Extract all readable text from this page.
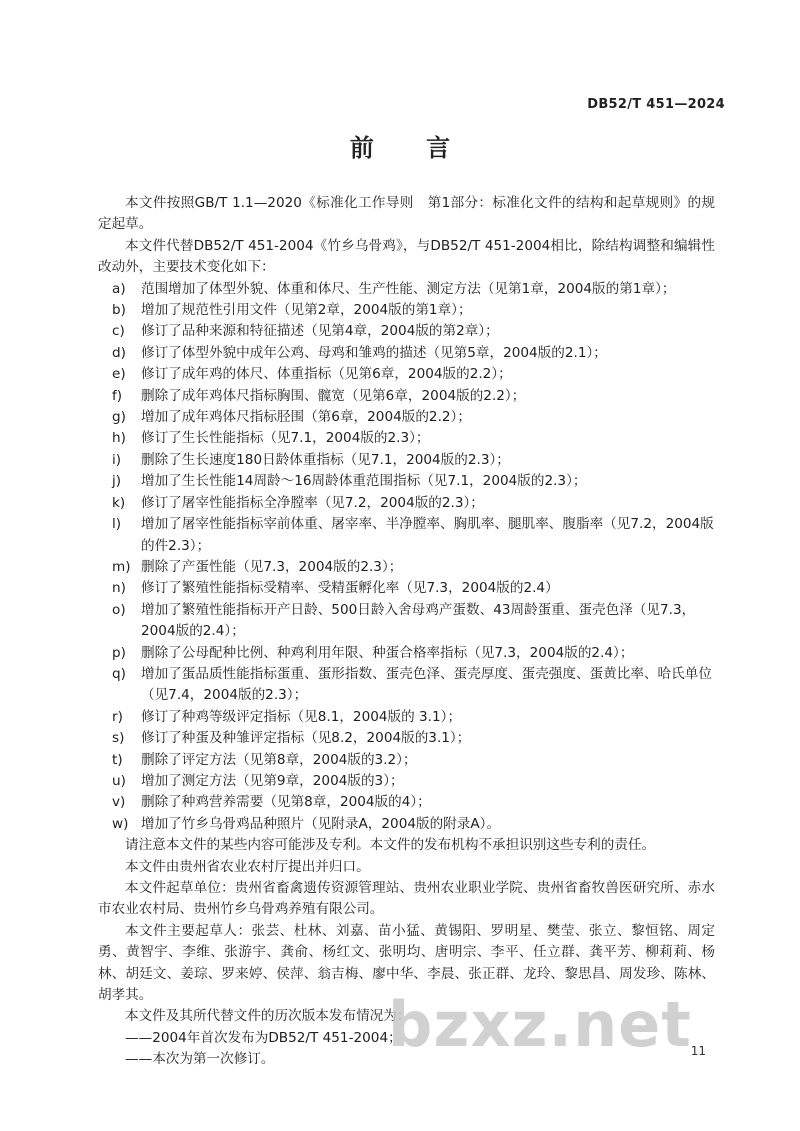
DB52/T 451—2024
前 言

本文件按照GB/T 1.1—2020《标准化工作导则　第1部分：标准化文件的结构和起草规则》的规定起草。

本文件代替DB52/T 451-2004《竹乡乌骨鸡》，与DB52/T 451-2004相比，除结构调整和编辑性改动外，主要技术变化如下：

a)	范围增加了体型外貌、体重和体尺、生产性能、测定方法（见第1章，2004版的第1章）；
b)	增加了规范性引用文件（见第2章，2004版的第1章）；
c)	修订了品种来源和特征描述（见第4章，2004版的第2章）；
d)	修订了体型外貌中成年公鸡、母鸡和雏鸡的描述（见第5章，2004版的2.1）；
e)	修订了成年鸡的体尺、体重指标（见第6章，2004版的2.2）；
f)	删除了成年鸡体尺指标胸围、髋宽（见第6章，2004版的2.2）；
g)	增加了成年鸡体尺指标胫围（第6章，2004版的2.2）；
h)	修订了生长性能指标（见7.1，2004版的2.3）；
i)	删除了生长速度180日龄体重指标（见7.1，2004版的2.3）；
j)	增加了生长性能14周龄～16周龄体重范围指标（见7.1，2004版的2.3）；
k)	修订了屠宰性能指标全净膛率（见7.2，2004版的2.3）；
l)	增加了屠宰性能指标宰前体重、屠宰率、半净膛率、胸肌率、腿肌率、腹脂率（见7.2，2004版的件2.3）；
m) 删除了产蛋性能（见7.3，2004版的2.3）；
n)	修订了繁殖性能指标受精率、受精蛋孵化率（见7.3，2004版的2.4）
o)	增加了繁殖性能指标开产日龄、500日龄入舍母鸡产蛋数、43周龄蛋重、蛋壳色泽（见7.3，2004版的2.4）；
p)	删除了公母配种比例、种鸡利用年限、种蛋合格率指标（见7.3，2004版的2.4）；
q)	增加了蛋品质性能指标蛋重、蛋形指数、蛋壳色泽、蛋壳厚度、蛋壳强度、蛋黄比率、哈氏单位（见7.4，2004版的2.3）；
r)	修订了种鸡等级评定指标（见8.1，2004版的 3.1）；
s)	修订了种蛋及种雏评定指标（见8.2，2004版的3.1）；
t)	删除了评定方法（见第8章，2004版的3.2）；
u)	增加了测定方法（见第9章，2004版的3）；
v)	删除了种鸡营养需要（见第8章，2004版的4）；
w) 增加了竹乡乌骨鸡品种照片（见附录A，2004版的附录A）。

请注意本文件的某些内容可能涉及专利。本文件的发布机构不承担识别这些专利的责任。

本文件由贵州省农业农村厅提出并归口。

本文件起草单位：贵州省畜禽遗传资源管理站、贵州农业职业学院、贵州省畜牧兽医研究所、赤水市农业农村局、贵州竹乡乌骨鸡养殖有限公司。

本文件主要起草人：张芸、杜林、刘嘉、苗小猛、黄锡阳、罗明星、樊莹、张立、黎恒铭、周定勇、黄智宇、李维、张游宇、龚俞、杨红文、张明均、唐明宗、李平、任立群、龚平芳、柳莉莉、杨林、胡廷文、姜琮、罗来婷、侯萍、翁吉梅、廖中华、李晨、张正群、龙玲、黎思昌、周发珍、陈林、胡孝其。

本文件及其所代替文件的历次版本发布情况为：

——2004年首次发布为DB52/T 451-2004；

——本次为第一次修订。	bzxz.net
11
